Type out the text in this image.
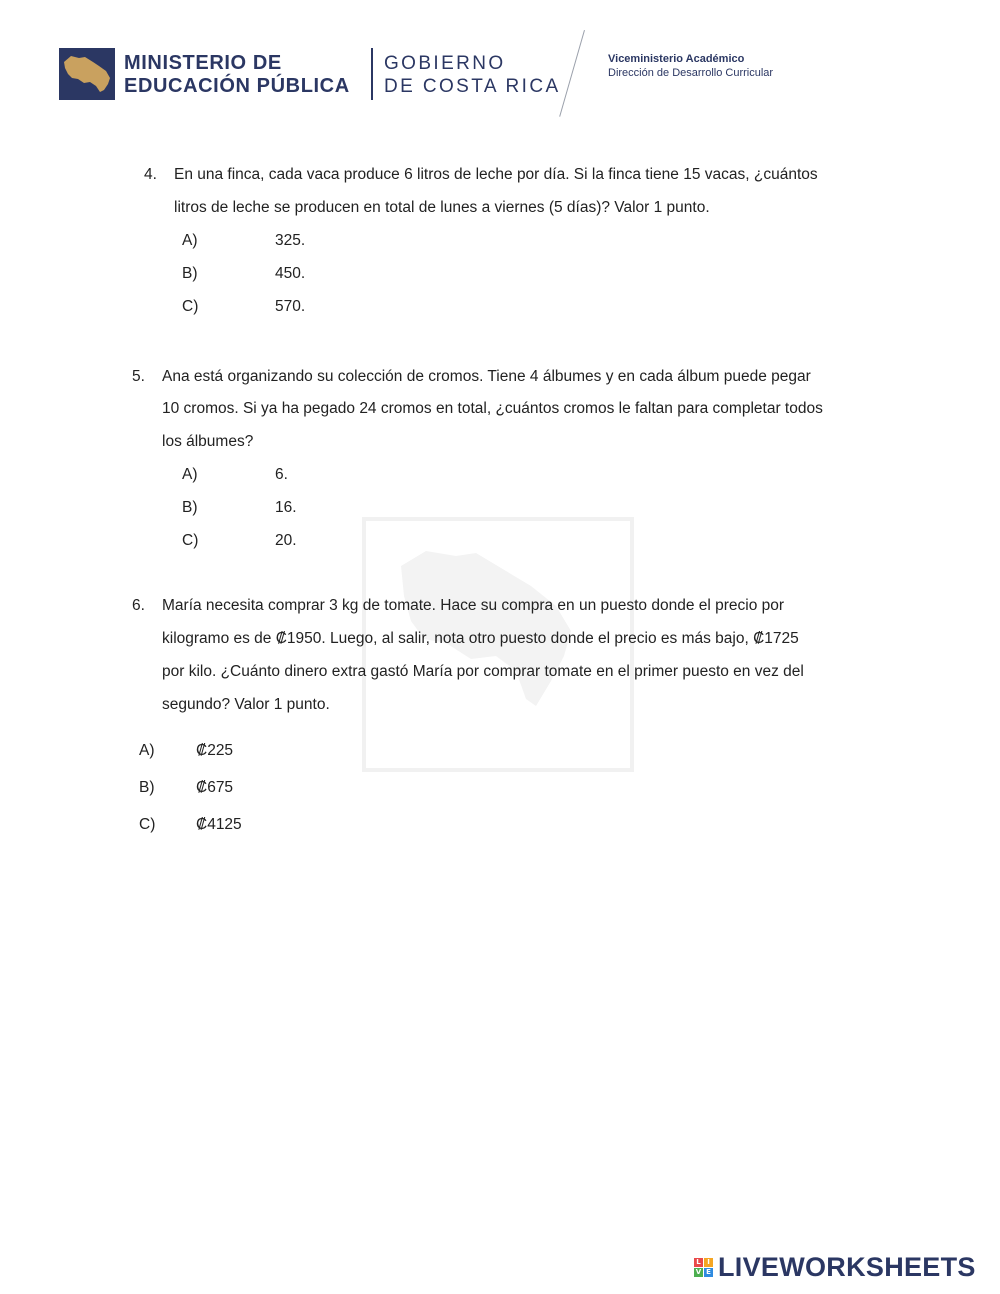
MINISTERIO DE
EDUCACIÓN PÚBLICA
GOBIERNO
DE COSTA RICA
Viceministerio Académico
Dirección de Desarrollo Curricular
4. En una finca, cada vaca produce 6 litros de leche por día. Si la finca tiene 15 vacas, ¿cuántos
litros de leche se producen en total de lunes a viernes (5 días)? Valor 1 punto.
A)	325.
B)	450.
C)	570.
5. Ana está organizando su colección de cromos. Tiene 4 álbumes y en cada álbum puede pegar
10 cromos. Si ya ha pegado 24 cromos en total, ¿cuántos cromos le faltan para completar todos
los álbumes?
A)	6.
B)	16.
C)	20.
6. María necesita comprar 3 kg de tomate. Hace su compra en un puesto donde el precio por
kilogramo es de ₡1950. Luego, al salir, nota otro puesto donde el precio es más bajo, ₡1725
por kilo. ¿Cuánto dinero extra gastó María por comprar tomate en el primer puesto en vez del
segundo? Valor 1 punto.
A)	₡225
B)	₡675
C)	₡4125
L I
V E LIVEWORKSHEETS
